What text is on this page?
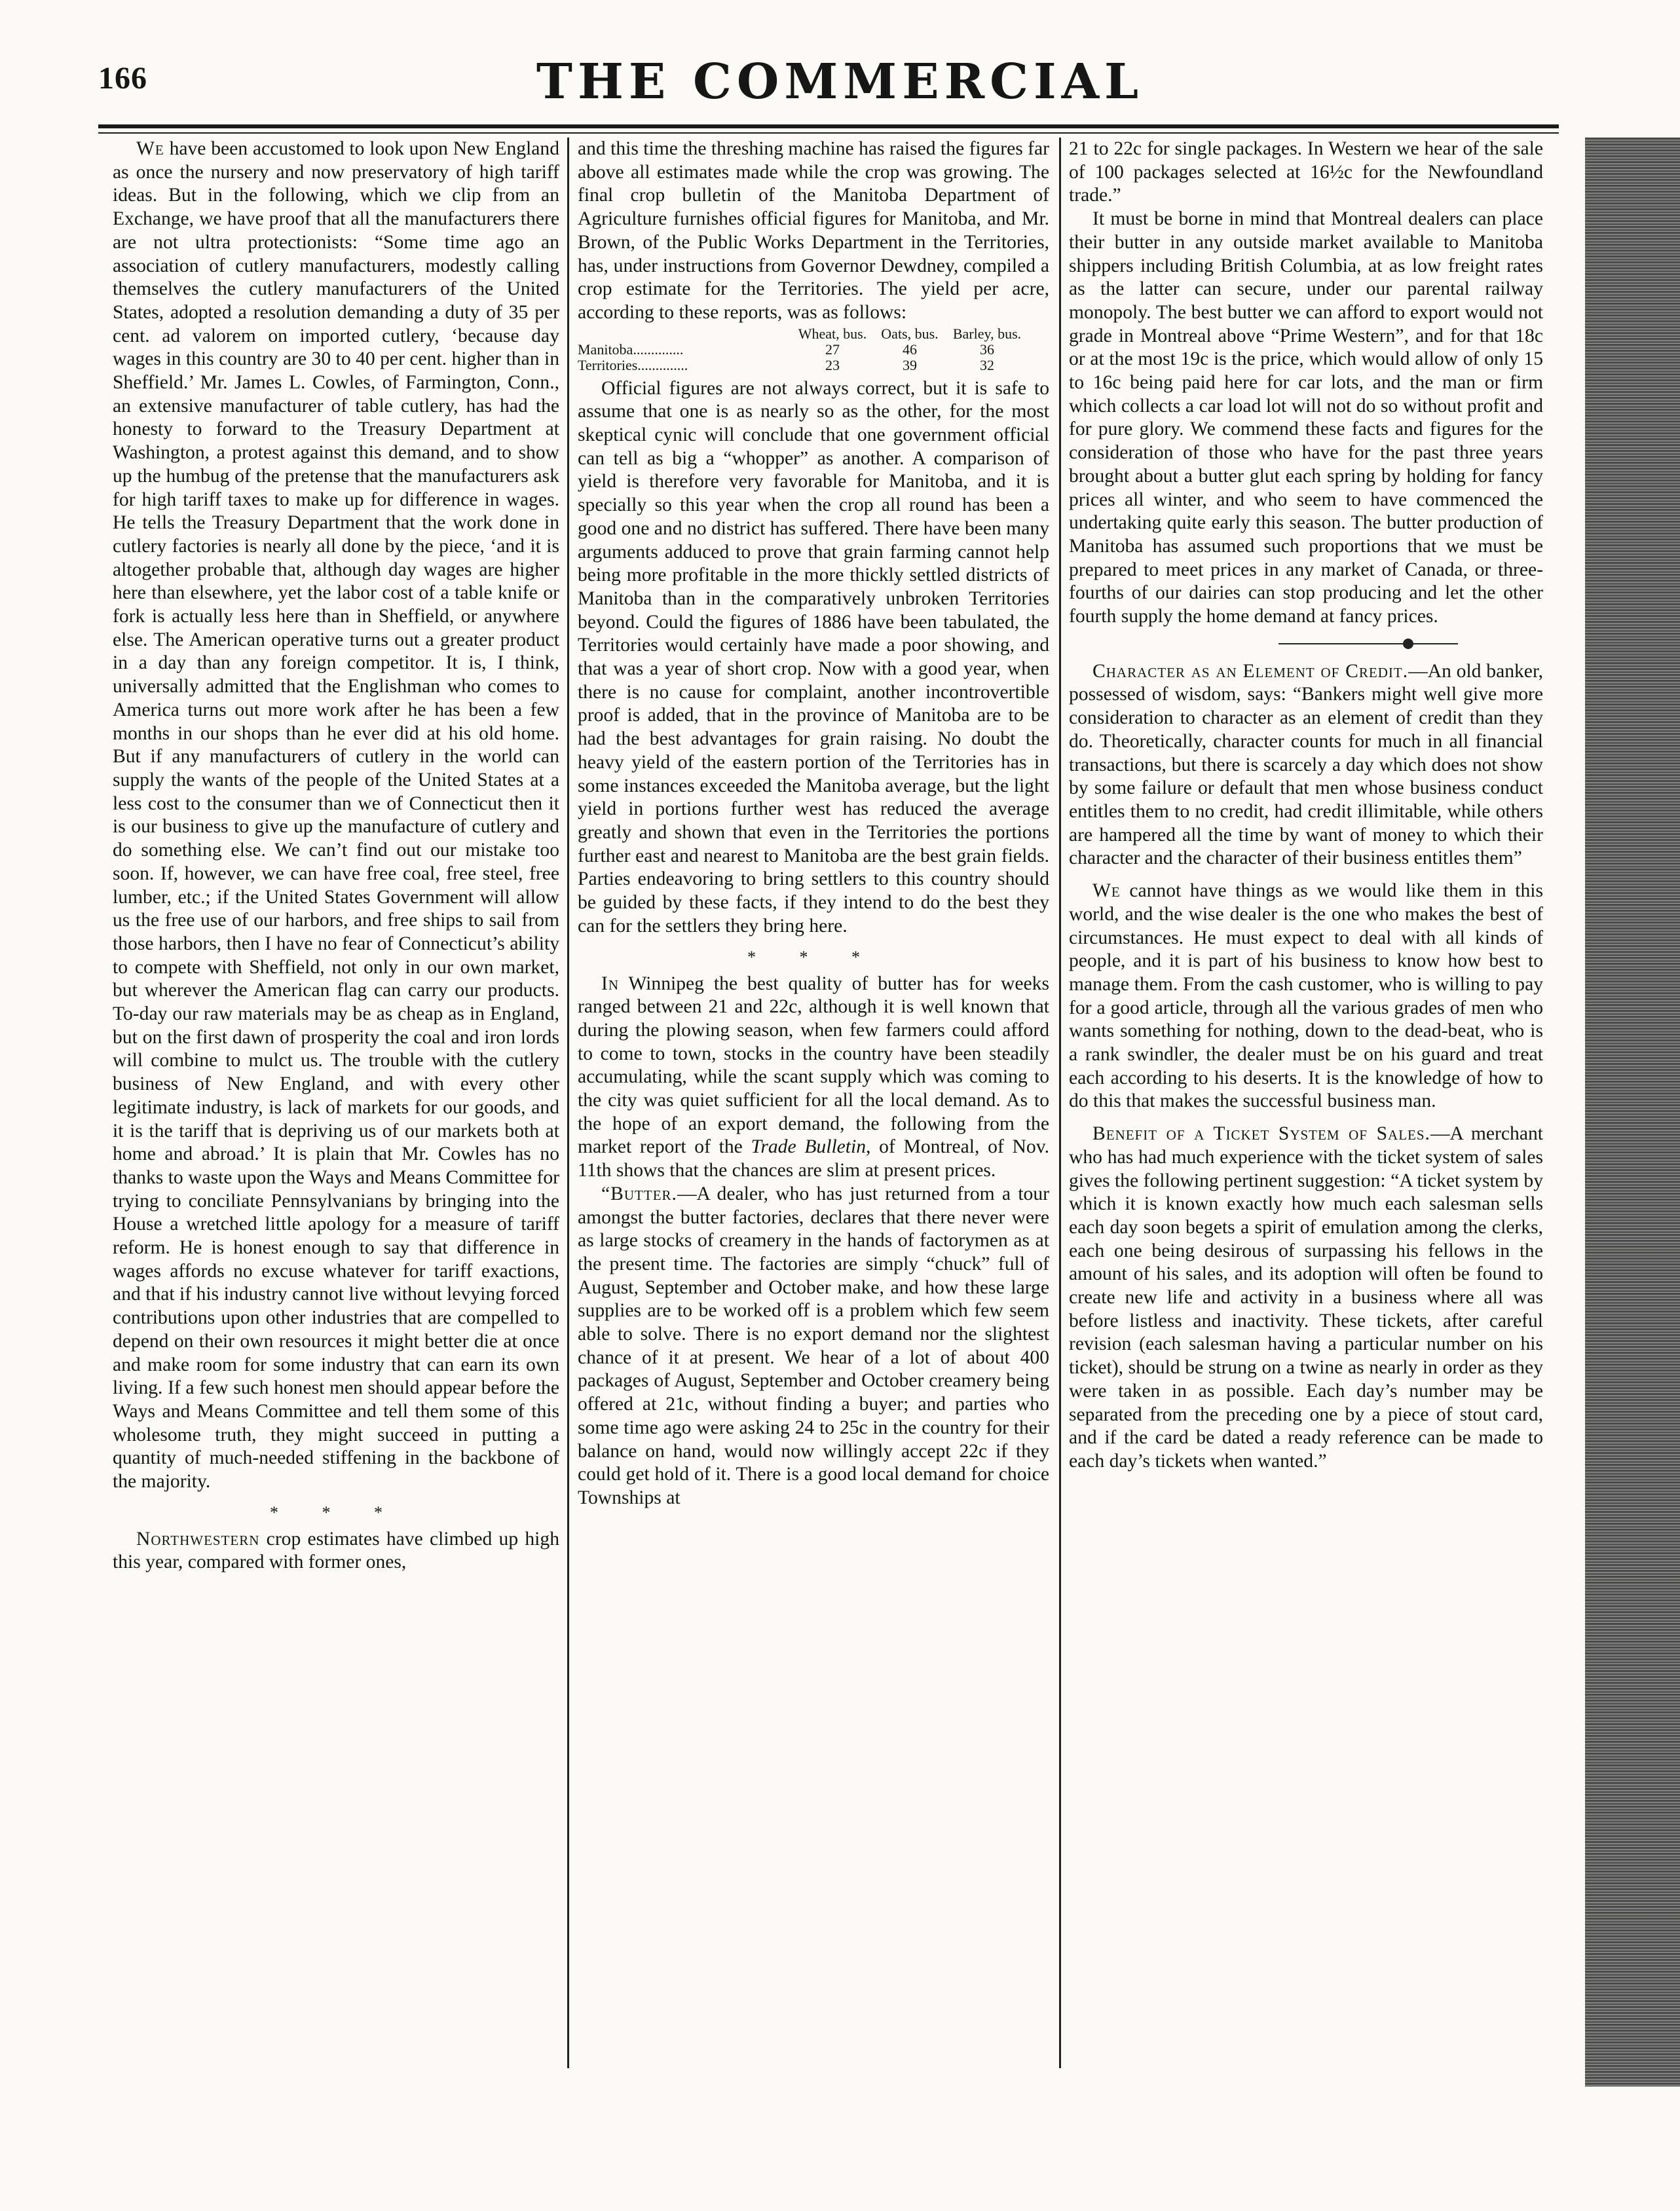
166	THE COMMERCIAL

We have been accustomed to look upon New England as once the nursery and now preservatory of high tariff ideas. But in the following, which we clip from an Exchange, we have proof that all the manufacturers there are not ultra protectionists: “Some time ago an association of cutlery manufacturers, modestly calling themselves the cutlery manufacturers of the United States, adopted a resolution demanding a duty of 35 per cent. ad valorem on imported cutlery, ‘because day wages in this country are 30 to 40 per cent. higher than in Sheffield.’ Mr. James L. Cowles, of Farmington, Conn., an extensive manufacturer of table cutlery, has had the honesty to forward to the Treasury Department at Washington, a protest against this demand, and to show up the humbug of the pretense that the manufacturers ask for high tariff taxes to make up for difference in wages. He tells the Treasury Department that the work done in cutlery factories is nearly all done by the piece, ‘and it is altogether probable that, although day wages are higher here than elsewhere, yet the labor cost of a table knife or fork is actually less here than in Sheffield, or anywhere else. The American operative turns out a greater product in a day than any foreign competitor. It is, I think, universally admitted that the Englishman who comes to America turns out more work after he has been a few months in our shops than he ever did at his old home. But if any manufacturers of cutlery in the world can supply the wants of the people of the United States at a less cost to the consumer than we of Connecticut then it is our business to give up the manufacture of cutlery and do something else. We can’t find out our mistake too soon. If, however, we can have free coal, free steel, free lumber, etc.; if the United States Government will allow us the free use of our harbors, and free ships to sail from those harbors, then I have no fear of Connecticut’s ability to compete with Sheffield, not only in our own market, but wherever the American flag can carry our products. To-day our raw materials may be as cheap as in England, but on the first dawn of prosperity the coal and iron lords will combine to mulct us. The trouble with the cutlery business of New England, and with every other legitimate industry, is lack of markets for our goods, and it is the tariff that is depriving us of our markets both at home and abroad.’ It is plain that Mr. Cowles has no thanks to waste upon the Ways and Means Committee for trying to conciliate Pennsylvanians by bringing into the House a wretched little apology for a measure of tariff reform. He is honest enough to say that difference in wages affords no excuse whatever for tariff exactions, and that if his industry cannot live without levying forced contributions upon other industries that are compelled to depend on their own resources it might better die at once and make room for some industry that can earn its own living. If a few such honest men should appear before the Ways and Means Committee and tell them some of this wholesome truth, they might succeed in putting a quantity of much-needed stiffening in the backbone of the majority.

* * *

Northwestern crop estimates have climbed up high this year, compared with former ones,

and this time the threshing machine has raised the figures far above all estimates made while the crop was growing. The final crop bulletin of the Manitoba Department of Agriculture furnishes official figures for Manitoba, and Mr. Brown, of the Public Works Department in the Territories, has, under instructions from Governor Dewdney, compiled a crop estimate for the Territories. The yield per acre, according to these reports, was as follows:

	Wheat, bus.	Oats, bus.	Barley, bus.
Manitoba..............	27	46	36
Territories..............	23	39	32

Official figures are not always correct, but it is safe to assume that one is as nearly so as the other, for the most skeptical cynic will conclude that one government official can tell as big a “whopper” as another. A comparison of yield is therefore very favorable for Manitoba, and it is specially so this year when the crop all round has been a good one and no district has suffered. There have been many arguments adduced to prove that grain farming cannot help being more profitable in the more thickly settled districts of Manitoba than in the comparatively unbroken Territories beyond. Could the figures of 1886 have been tabulated, the Territories would certainly have made a poor showing, and that was a year of short crop. Now with a good year, when there is no cause for complaint, another incontrovertible proof is added, that in the province of Manitoba are to be had the best advantages for grain raising. No doubt the heavy yield of the eastern portion of the Territories has in some instances exceeded the Manitoba average, but the light yield in portions further west has reduced the average greatly and shown that even in the Territories the portions further east and nearest to Manitoba are the best grain fields. Parties endeavoring to bring settlers to this country should be guided by these facts, if they intend to do the best they can for the settlers they bring here.

* * *

In Winnipeg the best quality of butter has for weeks ranged between 21 and 22c, although it is well known that during the plowing season, when few farmers could afford to come to town, stocks in the country have been steadily accumulating, while the scant supply which was coming to the city was quiet sufficient for all the local demand. As to the hope of an export demand, the following from the market report of the Trade Bulletin, of Montreal, of Nov. 11th shows that the chances are slim at present prices.

“Butter.—A dealer, who has just returned from a tour amongst the butter factories, declares that there never were as large stocks of creamery in the hands of factorymen as at the present time. The factories are simply “chuck” full of August, September and October make, and how these large supplies are to be worked off is a problem which few seem able to solve. There is no export demand nor the slightest chance of it at present. We hear of a lot of about 400 packages of August, September and October creamery being offered at 21c, without finding a buyer; and parties who some time ago were asking 24 to 25c in the country for their balance on hand, would now willingly accept 22c if they could get hold of it. There is a good local demand for choice Townships at

21 to 22c for single packages. In Western we hear of the sale of 100 packages selected at 16½c for the Newfoundland trade.”

It must be borne in mind that Montreal dealers can place their butter in any outside market available to Manitoba shippers including British Columbia, at as low freight rates as the latter can secure, under our parental railway monopoly. The best butter we can afford to export would not grade in Montreal above “Prime Western”, and for that 18c or at the most 19c is the price, which would allow of only 15 to 16c being paid here for car lots, and the man or firm which collects a car load lot will not do so without profit and for pure glory. We commend these facts and figures for the consideration of those who have for the past three years brought about a butter glut each spring by holding for fancy prices all winter, and who seem to have commenced the undertaking quite early this season. The butter production of Manitoba has assumed such proportions that we must be prepared to meet prices in any market of Canada, or three-fourths of our dairies can stop producing and let the other fourth supply the home demand at fancy prices.

Character as an Element of Credit.—An old banker, possessed of wisdom, says: “Bankers might well give more consideration to character as an element of credit than they do. Theoretically, character counts for much in all financial transactions, but there is scarcely a day which does not show by some failure or default that men whose business conduct entitles them to no credit, had credit illimitable, while others are hampered all the time by want of money to which their character and the character of their business entitles them”

We cannot have things as we would like them in this world, and the wise dealer is the one who makes the best of circumstances. He must expect to deal with all kinds of people, and it is part of his business to know how best to manage them. From the cash customer, who is willing to pay for a good article, through all the various grades of men who wants something for nothing, down to the dead-beat, who is a rank swindler, the dealer must be on his guard and treat each according to his deserts. It is the knowledge of how to do this that makes the successful business man.

Benefit of a Ticket System of Sales.—A merchant who has had much experience with the ticket system of sales gives the following pertinent suggestion: “A ticket system by which it is known exactly how much each salesman sells each day soon begets a spirit of emulation among the clerks, each one being desirous of surpassing his fellows in the amount of his sales, and its adoption will often be found to create new life and activity in a business where all was before listless and inactivity. These tickets, after careful revision (each salesman having a particular number on his ticket), should be strung on a twine as nearly in order as they were taken in as possible. Each day’s number may be separated from the preceding one by a piece of stout card, and if the card be dated a ready reference can be made to each day’s tickets when wanted.”
